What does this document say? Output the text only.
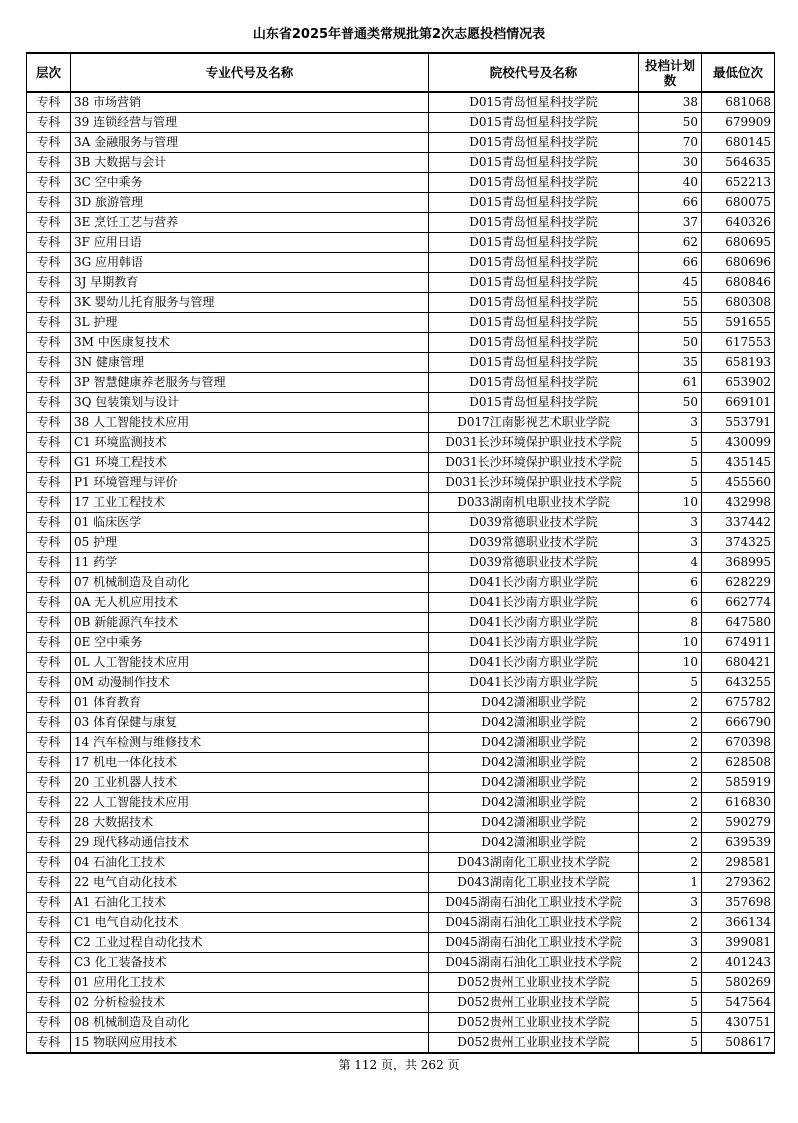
山东省2025年普通类常规批第2次志愿投档情况表
层次	专业代号及名称	院校代号及名称	投档计划数	最低位次
专科	38 市场营销	D015青岛恒星科技学院	38	681068
专科	39 连锁经营与管理	D015青岛恒星科技学院	50	679909
专科	3A 金融服务与管理	D015青岛恒星科技学院	70	680145
专科	3B 大数据与会计	D015青岛恒星科技学院	30	564635
专科	3C 空中乘务	D015青岛恒星科技学院	40	652213
专科	3D 旅游管理	D015青岛恒星科技学院	66	680075
专科	3E 烹饪工艺与营养	D015青岛恒星科技学院	37	640326
专科	3F 应用日语	D015青岛恒星科技学院	62	680695
专科	3G 应用韩语	D015青岛恒星科技学院	66	680696
专科	3J 早期教育	D015青岛恒星科技学院	45	680846
专科	3K 婴幼儿托育服务与管理	D015青岛恒星科技学院	55	680308
专科	3L 护理	D015青岛恒星科技学院	55	591655
专科	3M 中医康复技术	D015青岛恒星科技学院	50	617553
专科	3N 健康管理	D015青岛恒星科技学院	35	658193
专科	3P 智慧健康养老服务与管理	D015青岛恒星科技学院	61	653902
专科	3Q 包装策划与设计	D015青岛恒星科技学院	50	669101
专科	38 人工智能技术应用	D017江南影视艺术职业学院	3	553791
专科	C1 环境监测技术	D031长沙环境保护职业技术学院	5	430099
专科	G1 环境工程技术	D031长沙环境保护职业技术学院	5	435145
专科	P1 环境管理与评价	D031长沙环境保护职业技术学院	5	455560
专科	17 工业工程技术	D033湖南机电职业技术学院	10	432998
专科	01 临床医学	D039常德职业技术学院	3	337442
专科	05 护理	D039常德职业技术学院	3	374325
专科	11 药学	D039常德职业技术学院	4	368995
专科	07 机械制造及自动化	D041长沙南方职业学院	6	628229
专科	0A 无人机应用技术	D041长沙南方职业学院	6	662774
专科	0B 新能源汽车技术	D041长沙南方职业学院	8	647580
专科	0E 空中乘务	D041长沙南方职业学院	10	674911
专科	0L 人工智能技术应用	D041长沙南方职业学院	10	680421
专科	0M 动漫制作技术	D041长沙南方职业学院	5	643255
专科	01 体育教育	D042潇湘职业学院	2	675782
专科	03 体育保健与康复	D042潇湘职业学院	2	666790
专科	14 汽车检测与维修技术	D042潇湘职业学院	2	670398
专科	17 机电一体化技术	D042潇湘职业学院	2	628508
专科	20 工业机器人技术	D042潇湘职业学院	2	585919
专科	22 人工智能技术应用	D042潇湘职业学院	2	616830
专科	28 大数据技术	D042潇湘职业学院	2	590279
专科	29 现代移动通信技术	D042潇湘职业学院	2	639539
专科	04 石油化工技术	D043湖南化工职业技术学院	2	298581
专科	22 电气自动化技术	D043湖南化工职业技术学院	1	279362
专科	A1 石油化工技术	D045湖南石油化工职业技术学院	3	357698
专科	C1 电气自动化技术	D045湖南石油化工职业技术学院	2	366134
专科	C2 工业过程自动化技术	D045湖南石油化工职业技术学院	3	399081
专科	C3 化工装备技术	D045湖南石油化工职业技术学院	2	401243
专科	01 应用化工技术	D052贵州工业职业技术学院	5	580269
专科	02 分析检验技术	D052贵州工业职业技术学院	5	547564
专科	08 机械制造及自动化	D052贵州工业职业技术学院	5	430751
专科	15 物联网应用技术	D052贵州工业职业技术学院	5	508617
第 112 页，共 262 页
